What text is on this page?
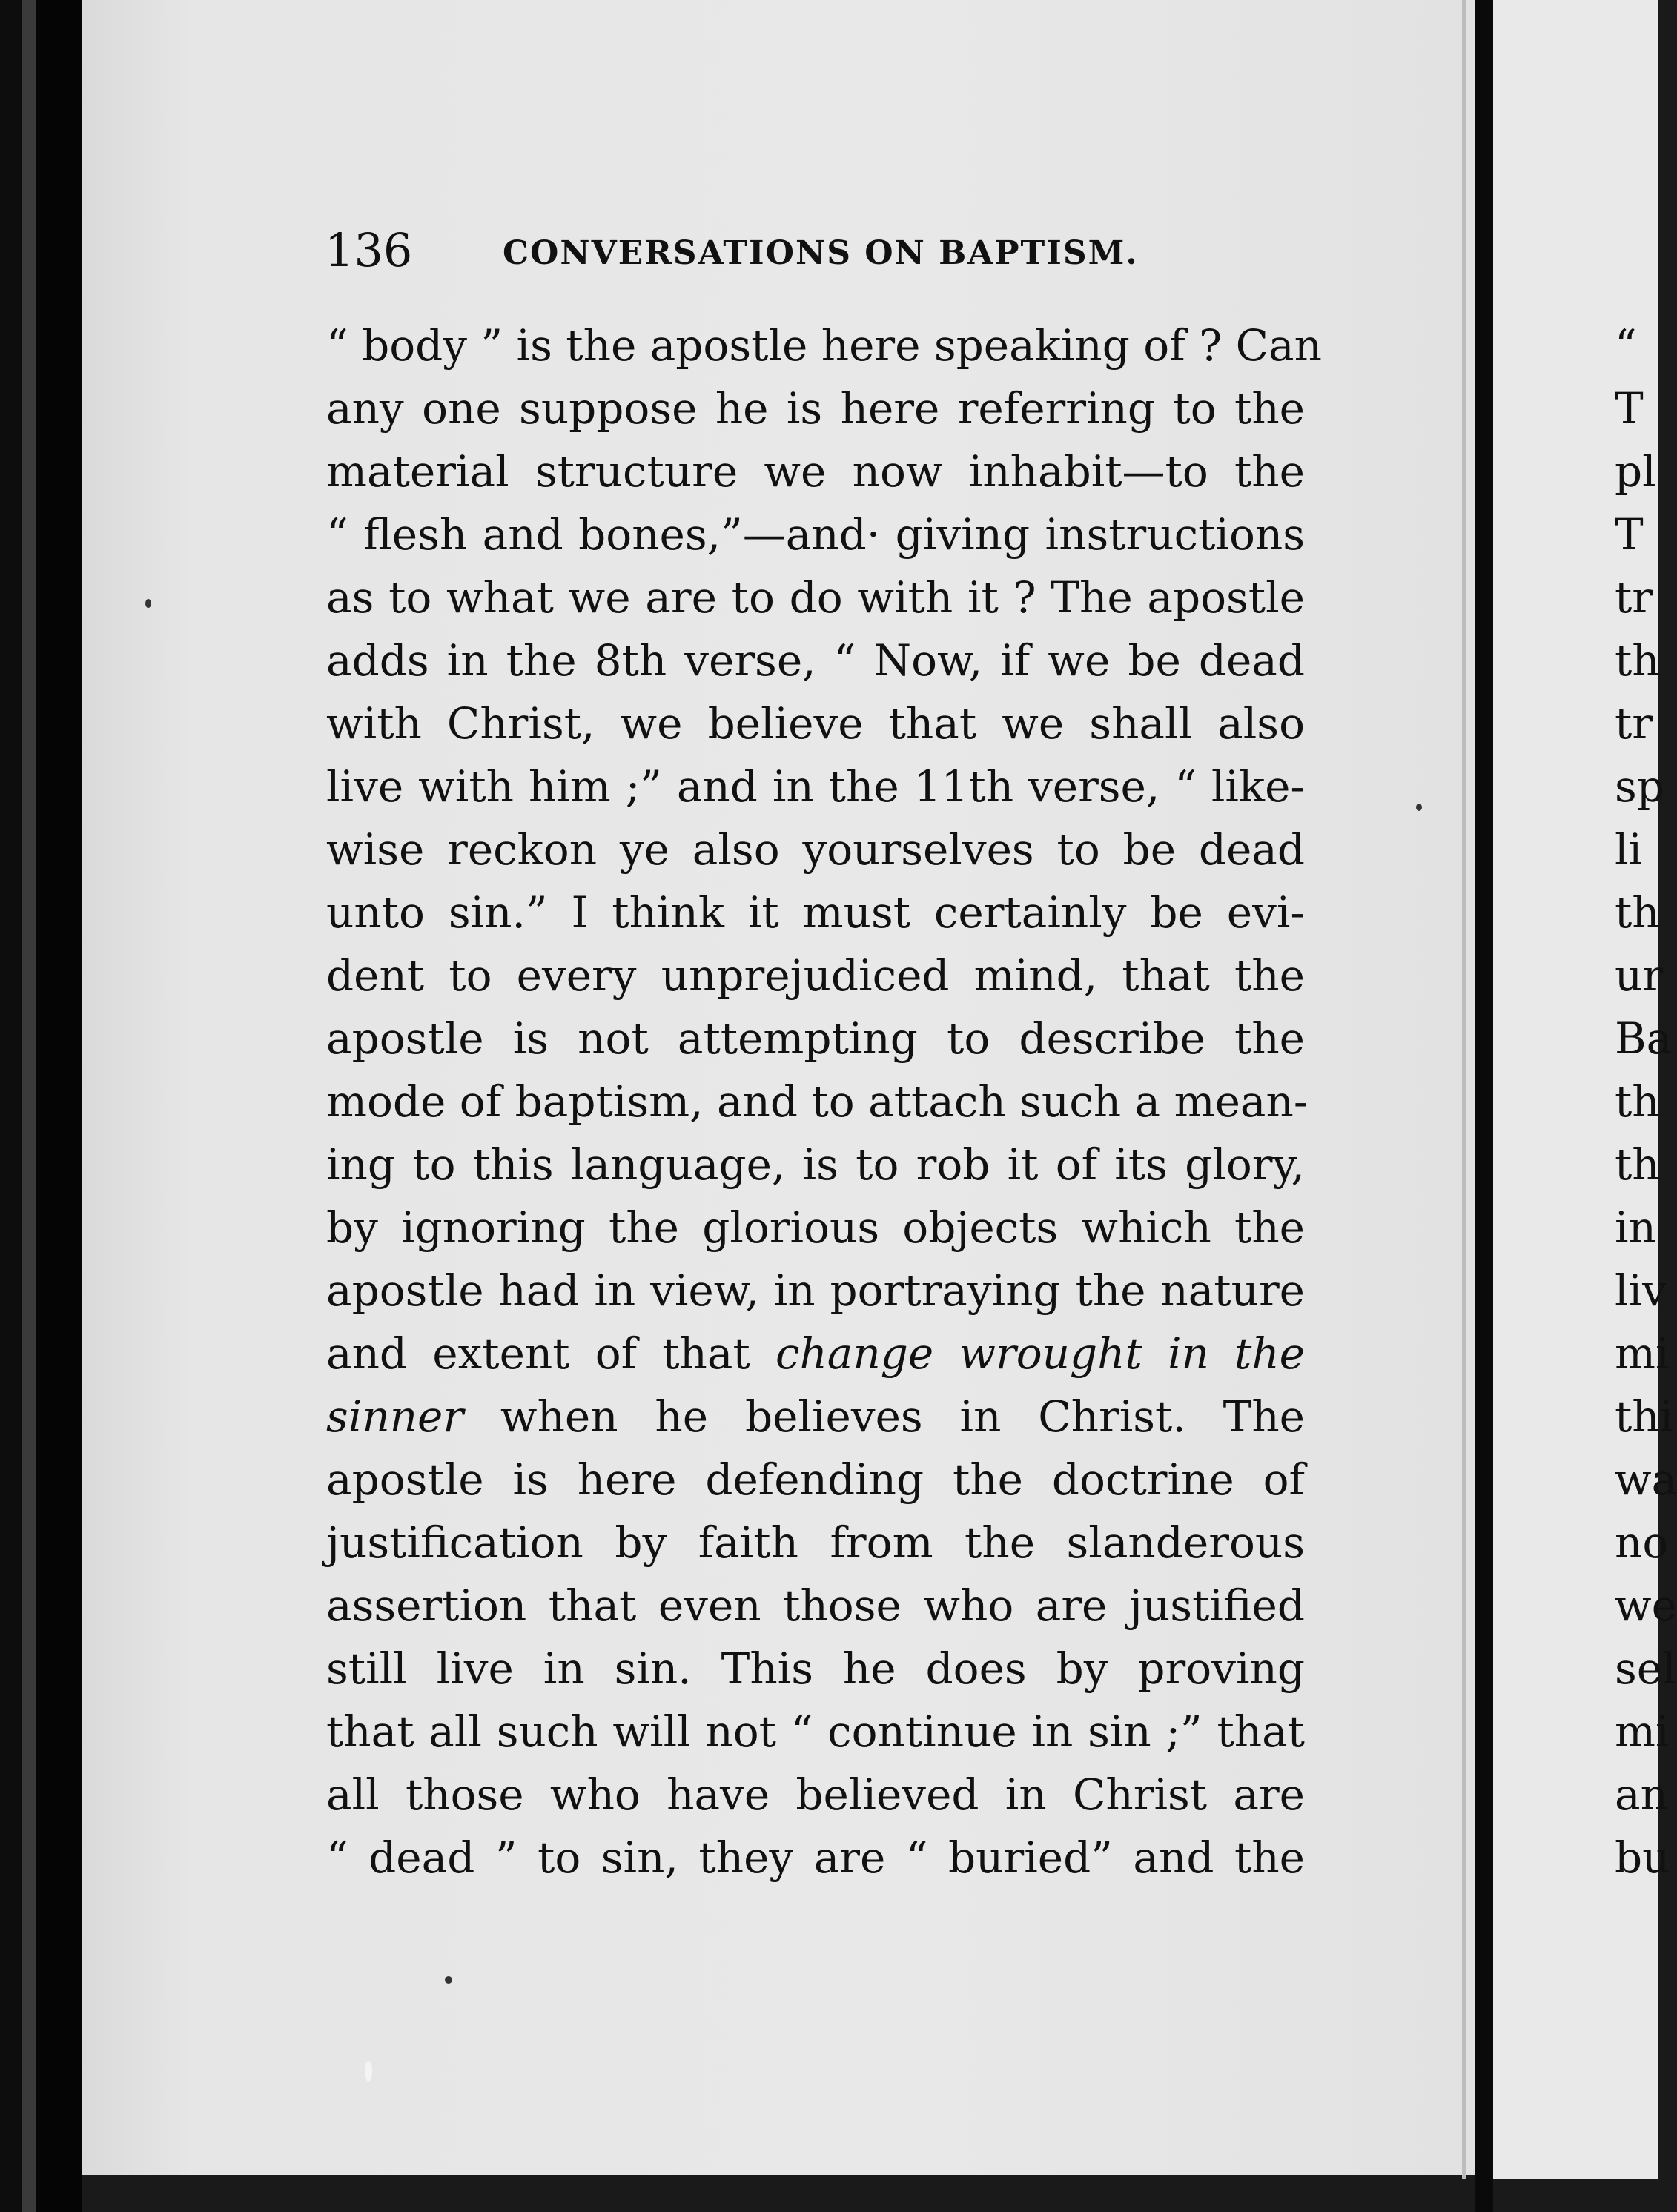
136	CONVERSATIONS ON BAPTISM.
“ body ” is the apostle here speaking of ? Can
any one suppose he is here referring to the
material structure we now inhabit—to the
“ flesh and bones,”—and· giving instructions
as to what we are to do with it ? The apostle
adds in the 8th verse, “ Now, if we be dead
with Christ, we believe that we shall also
live with him ;” and in the 11th verse, “ like-
wise reckon ye also yourselves to be dead
unto sin.” I think it must certainly be evi-
dent to every unprejudiced mind, that the
apostle is not attempting to describe the
mode of baptism, and to attach such a mean-
ing to this language, is to rob it of its glory,
by ignoring the glorious objects which the
apostle had in view, in portraying the nature
and extent of that change wrought in the
sinner when he believes in Christ. The
apostle is here defending the doctrine of
justification by faith from the slanderous
assertion that even those who are justified
still live in sin. This he does by proving
that all such will not “ continue in sin ;” that
all those who have believed in Christ are
“ dead ” to sin, they are “ buried” and the
“
T
pl
T
tr
th
tr
sp
li
th
ur
Ba
th
th
in
liv
mi
thi
wa
no
we
sel
mi
an
bu
